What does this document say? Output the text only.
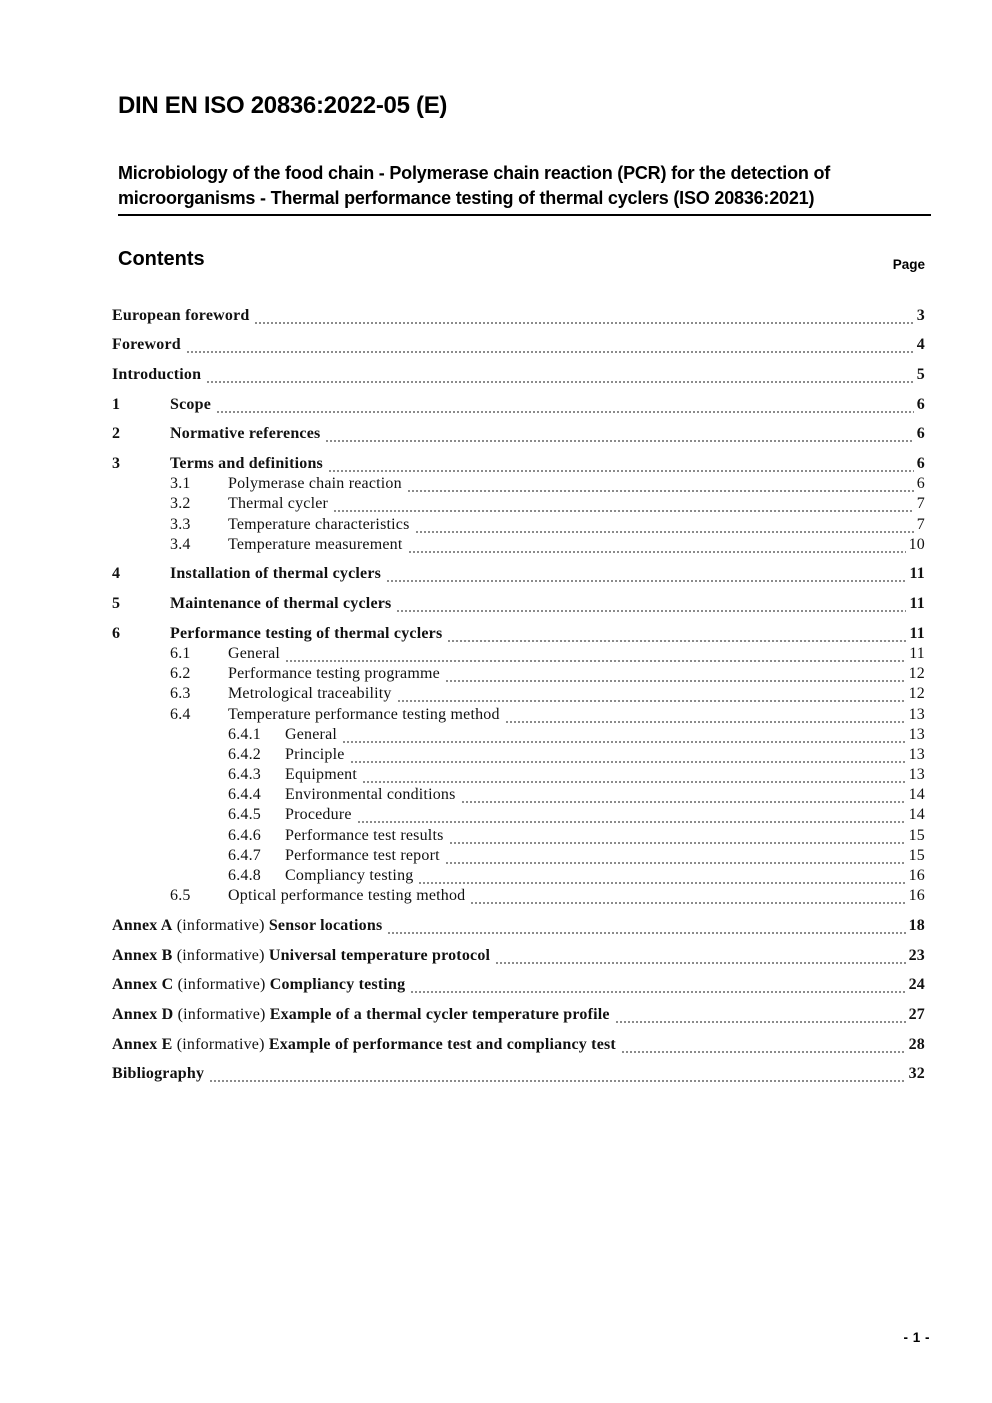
DIN EN ISO 20836:2022-05 (E)
Microbiology of the food chain - Polymerase chain reaction (PCR) for the detection of
microorganisms - Thermal performance testing of thermal cyclers (ISO 20836:2021)
Contents	Page
European foreword	3
Foreword	4
Introduction	5
1	Scope	6
2	Normative references	6
3	Terms and definitions	6
3.1	Polymerase chain reaction	6
3.2	Thermal cycler	7
3.3	Temperature characteristics	7
3.4	Temperature measurement	10
4	Installation of thermal cyclers	11
5	Maintenance of thermal cyclers	11
6	Performance testing of thermal cyclers	11
6.1	General	11
6.2	Performance testing programme	12
6.3	Metrological traceability	12
6.4	Temperature performance testing method	13
6.4.1	General	13
6.4.2	Principle	13
6.4.3	Equipment	13
6.4.4	Environmental conditions	14
6.4.5	Procedure	14
6.4.6	Performance test results	15
6.4.7	Performance test report	15
6.4.8	Compliancy testing	16
6.5	Optical performance testing method	16
Annex A (informative) Sensor locations	18
Annex B (informative) Universal temperature protocol	23
Annex C (informative) Compliancy testing	24
Annex D (informative) Example of a thermal cycler temperature profile	27
Annex E (informative) Example of performance test and compliancy test	28
Bibliography	32
- 1 -
